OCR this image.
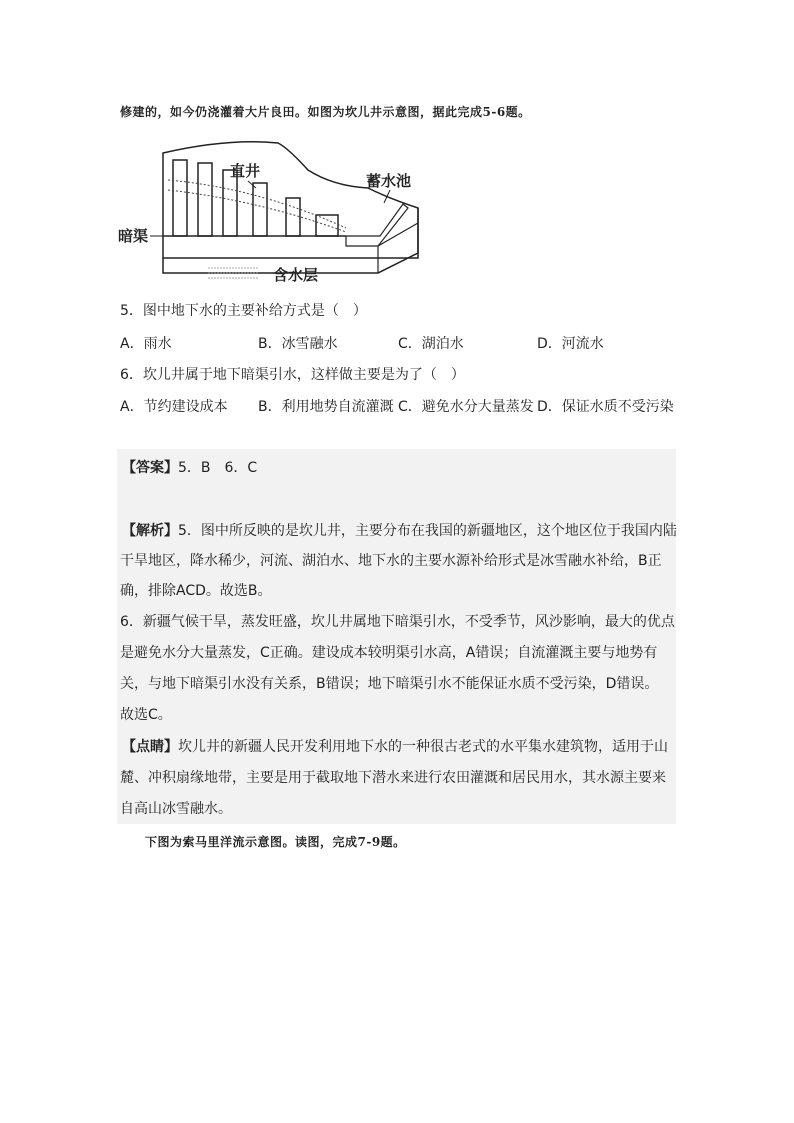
修建的，如今仍浇灌着大片良田。如图为坎儿井示意图，据此完成5-6题。
直井
蓄水池
暗渠
含水层
5．图中地下水的主要补给方式是（　）
A．雨水	B．冰雪融水	C．湖泊水	D．河流水
6．坎儿井属于地下暗渠引水，这样做主要是为了（　）
A．节约建设成本 B．利用地势自流灌溉 C．避免水分大量蒸发 D．保证水质不受污染
【答案】5．B　6．C
【解析】5．图中所反映的是坎儿井，主要分布在我国的新疆地区，这个地区位于我国内陆
干旱地区，降水稀少，河流、湖泊水、地下水的主要水源补给形式是冰雪融水补给，B正
确，排除ACD。故选B。
6．新疆气候干旱，蒸发旺盛，坎儿井属地下暗渠引水，不受季节，风沙影响，最大的优点
是避免水分大量蒸发，C正确。建设成本较明渠引水高，A错误；自流灌溉主要与地势有
关，与地下暗渠引水没有关系，B错误；地下暗渠引水不能保证水质不受污染，D错误。
故选C。
【点睛】坎儿井的新疆人民开发利用地下水的一种很古老式的水平集水建筑物，适用于山
麓、冲积扇缘地带，主要是用于截取地下潜水来进行农田灌溉和居民用水，其水源主要来
自高山冰雪融水。
下图为索马里洋流示意图。读图，完成7-9题。
